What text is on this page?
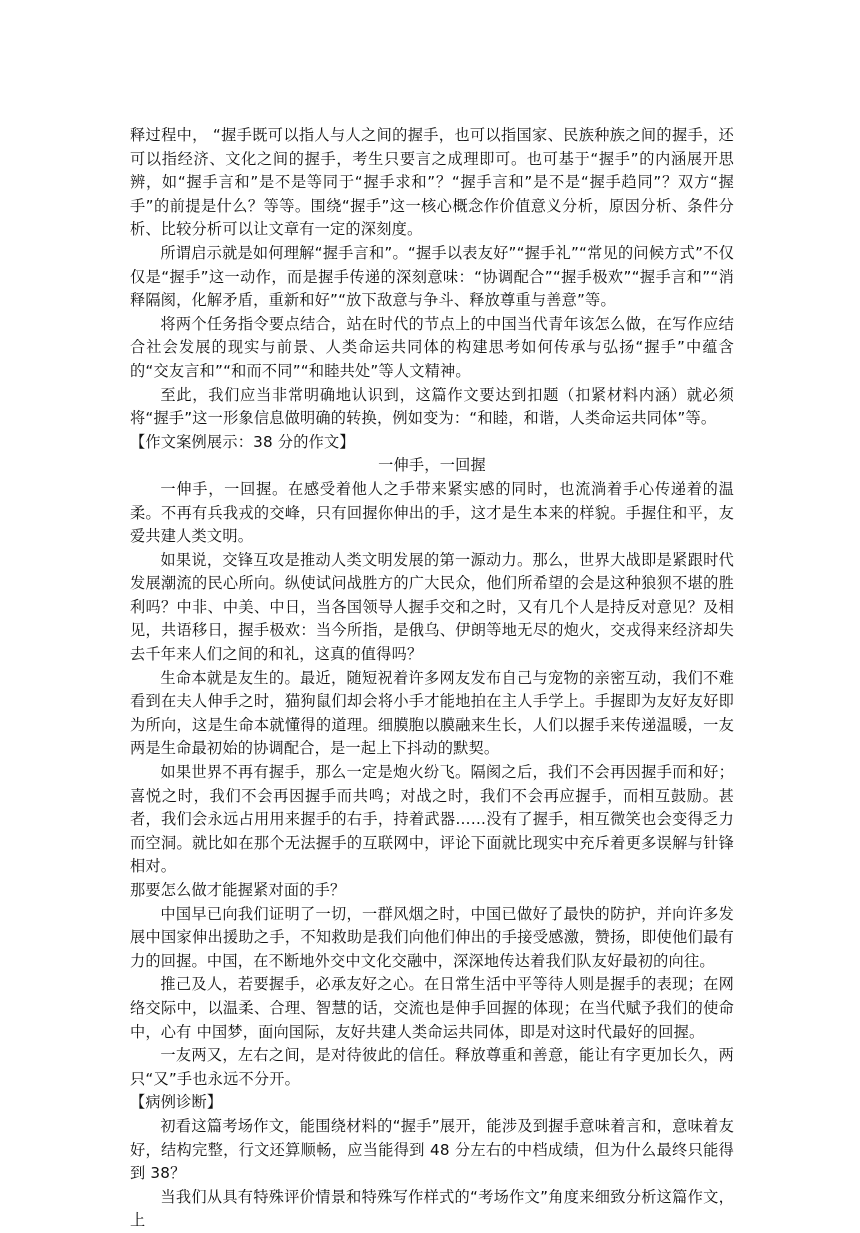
释过程中， “握手既可以指人与人之间的握手，也可以指国家、民族种族之间的握手，还可以指经济、文化之间的握手，考生只要言之成理即可。也可基于“握手”的内涵展开思辨，如“握手言和”是不是等同于“握手求和”？“握手言和”是不是“握手趋同”？双方“握手”的前提是什么？等等。围绕“握手”这一核心概念作价值意义分析，原因分析、条件分析、比较分析可以让文章有一定的深刻度。

所谓启示就是如何理解“握手言和”。“握手以表友好”“握手礼”“常见的问候方式”不仅仅是“握手”这一动作，而是握手传递的深刻意味：“协调配合”“握手极欢”“握手言和”“消释隔阂，化解矛盾，重新和好”“放下敌意与争斗、释放尊重与善意”等。

将两个任务指令要点结合，站在时代的节点上的中国当代青年该怎么做，在写作应结合社会发展的现实与前景、人类命运共同体的构建思考如何传承与弘扬“握手”中蕴含的“交友言和”“和而不同”“和睦共处”等人文精神。

至此，我们应当非常明确地认识到，这篇作文要达到扣题（扣紧材料内涵）就必须将“握手”这一形象信息做明确的转换，例如变为：“和睦，和谐，人类命运共同体”等。

【作文案例展示：38 分的作文】

一伸手，一回握

一伸手，一回握。在感受着他人之手带来紧实感的同时，也流淌着手心传递着的温柔。不再有兵我戎的交峰，只有回握你伸出的手，这才是生本来的样貌。手握住和平，友爱共建人类文明。

如果说，交锋互攻是推动人类文明发展的第一源动力。那么，世界大战即是紧跟时代发展潮流的民心所向。纵使试问战胜方的广大民众，他们所希望的会是这种狼狈不堪的胜利吗？中非、中美、中日，当各国领导人握手交和之时，又有几个人是持反对意见？及相见，共语移日，握手极欢：当今所指，是俄乌、伊朗等地无尽的炮火，交戎得来经济却失去千年来人们之间的和礼，这真的值得吗？

生命本就是友生的。最近，随短祝着许多网友发布自己与宠物的亲密互动，我们不难看到在夫人伸手之时，猫狗鼠们却会将小手才能地拍在主人手学上。手握即为友好友好即为所向，这是生命本就懂得的道理。细膜胞以膜融来生长，人们以握手来传递温暖，一友两是生命最初始的协调配合，是一起上下抖动的默契。

如果世界不再有握手，那么一定是炮火纷飞。隔阂之后，我们不会再因握手而和好；喜悦之时，我们不会再因握手而共鸣；对战之时，我们不会再应握手，而相互鼓励。甚者，我们会永远占用用来握手的右手，持着武器……没有了握手，相互微笑也会变得乏力而空洞。就比如在那个无法握手的互联网中，评论下面就比现实中充斥着更多误解与针锋相对。

那要怎么做才能握紧对面的手？

中国早已向我们证明了一切，一群风烟之时，中国已做好了最快的防护，并向许多发展中国家伸出援助之手，不知救助是我们向他们伸出的手接受感激，赞扬，即使他们最有力的回握。中国，在不断地外交中文化交融中，深深地传达着我们队友好最初的向往。

推己及人，若要握手，必承友好之心。在日常生活中平等待人则是握手的表现；在网络交际中，以温柔、合理、智慧的话，交流也是伸手回握的体现；在当代赋予我们的使命中，心有 中国梦，面向国际，友好共建人类命运共同体，即是对这时代最好的回握。

一友两又，左右之间，是对待彼此的信任。释放尊重和善意，能让有字更加长久，两只“又”手也永远不分开。

【病例诊断】

初看这篇考场作文，能围绕材料的“握手”展开，能涉及到握手意味着言和，意味着友好，结构完整，行文还算顺畅，应当能得到 48 分左右的中档成绩，但为什么最终只能得到 38？

当我们从具有特殊评价情景和特殊写作样式的“考场作文”角度来细致分析这篇作文，上
